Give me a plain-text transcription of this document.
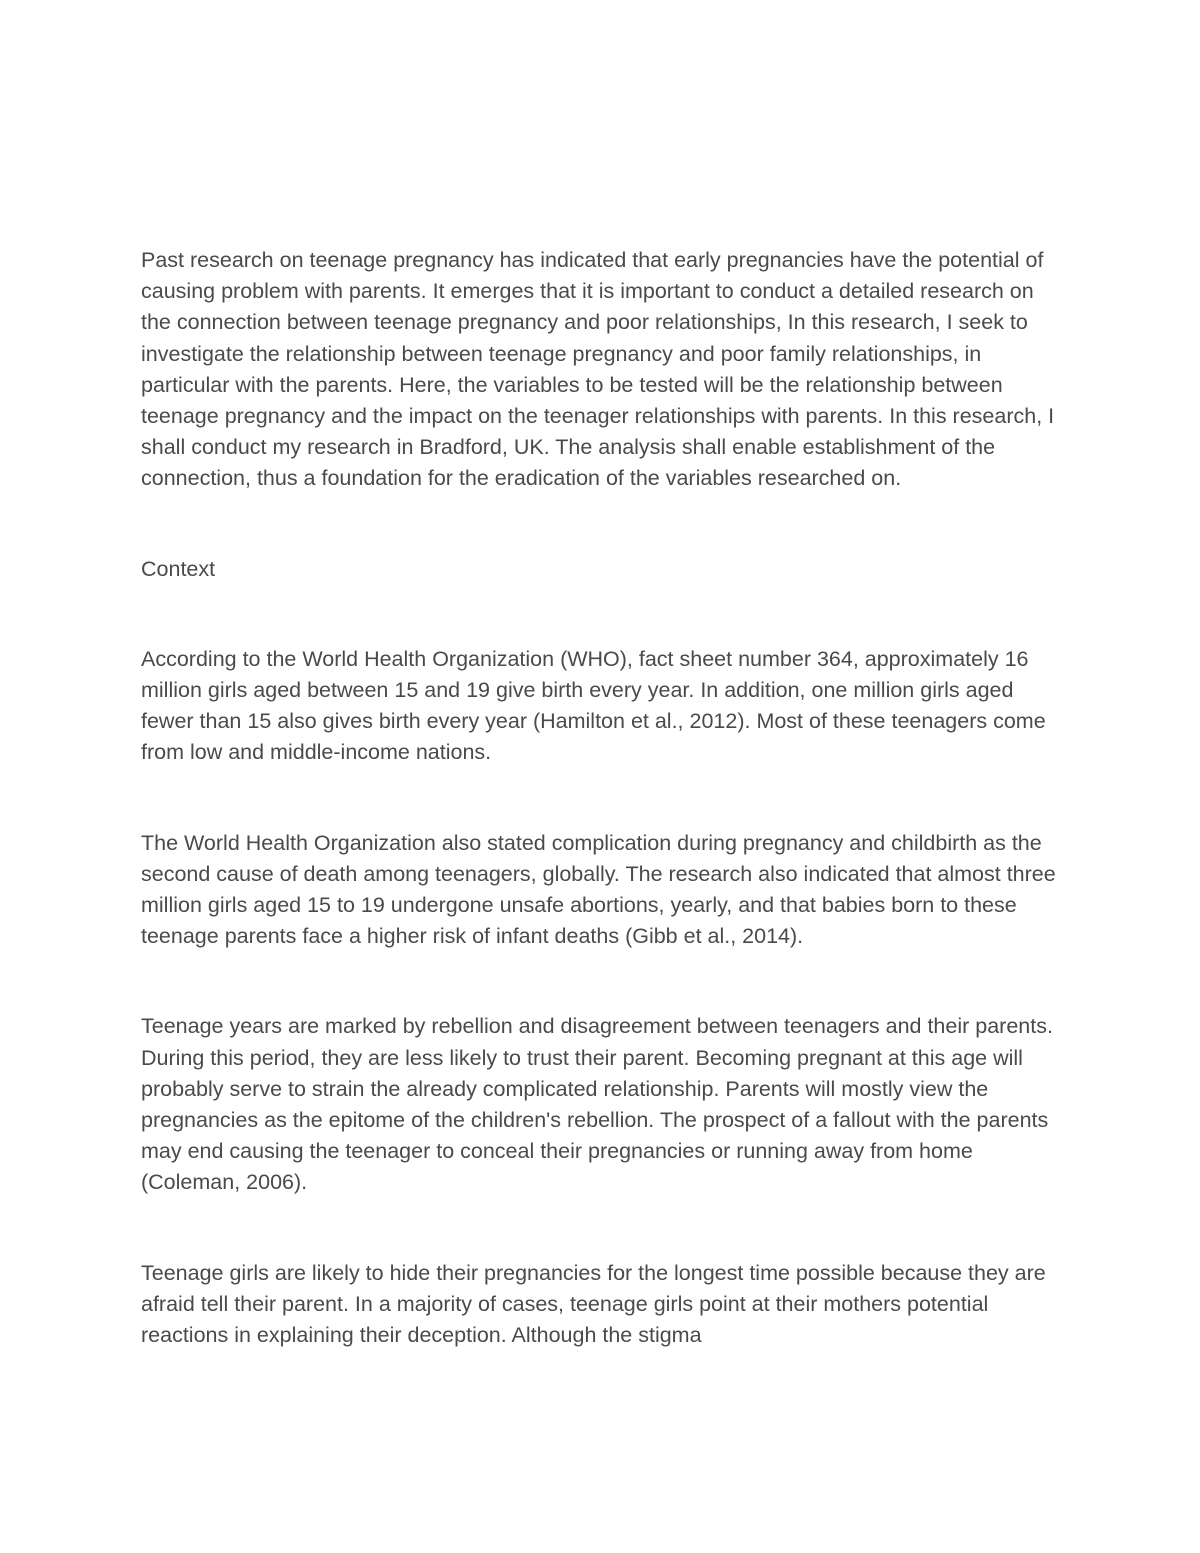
Past research on teenage pregnancy has indicated that early pregnancies have the potential of causing problem with parents. It emerges that it is important to conduct a detailed research on the connection between teenage pregnancy and poor relationships, In this research, I seek to investigate the relationship between teenage pregnancy and poor family relationships, in particular with the parents. Here, the variables to be tested will be the relationship between teenage pregnancy and the impact on the teenager relationships with parents. In this research, I shall conduct my research in Bradford, UK. The analysis shall enable establishment of the connection, thus a foundation for the eradication of the variables researched on.

Context

According to the World Health Organization (WHO), fact sheet number 364, approximately 16 million girls aged between 15 and 19 give birth every year. In addition, one million girls aged fewer than 15 also gives birth every year (Hamilton et al., 2012). Most of these teenagers come from low and middle-income nations.

The World Health Organization also stated complication during pregnancy and childbirth as the second cause of death among teenagers, globally. The research also indicated that almost three million girls aged 15 to 19 undergone unsafe abortions, yearly, and that babies born to these teenage parents face a higher risk of infant deaths (Gibb et al., 2014).

Teenage years are marked by rebellion and disagreement between teenagers and their parents. During this period, they are less likely to trust their parent. Becoming pregnant at this age will probably serve to strain the already complicated relationship. Parents will mostly view the pregnancies as the epitome of the children's rebellion. The prospect of a fallout with the parents may end causing the teenager to conceal their pregnancies or running away from home (Coleman, 2006).

Teenage girls are likely to hide their pregnancies for the longest time possible because they are afraid tell their parent. In a majority of cases, teenage girls point at their mothers potential reactions in explaining their deception. Although the stigma
